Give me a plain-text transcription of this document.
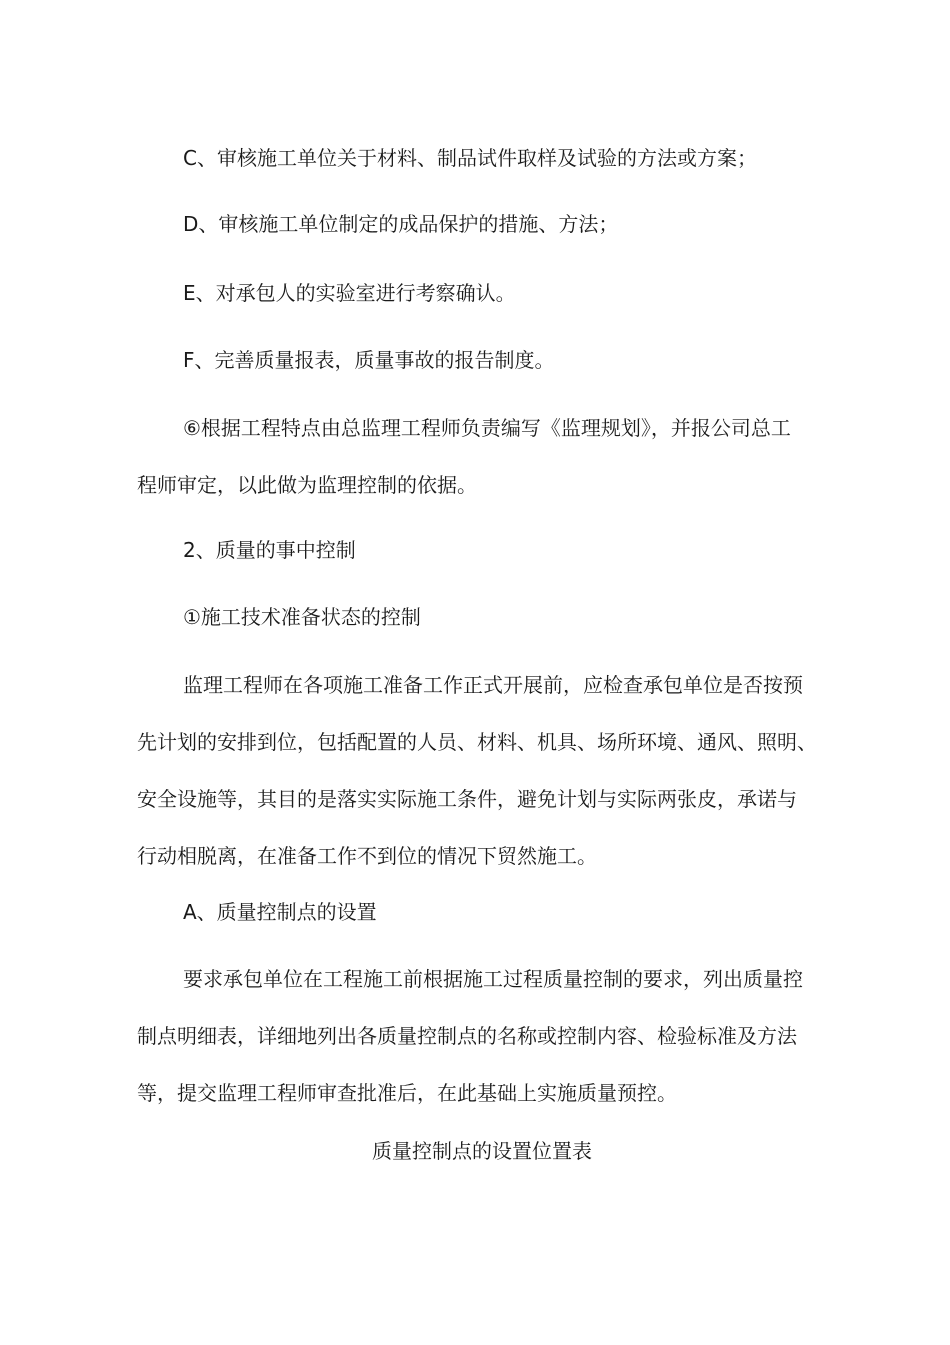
C、审核施工单位关于材料、制品试件取样及试验的方法或方案；

D、审核施工单位制定的成品保护的措施、方法；

E、对承包人的实验室进行考察确认。

F、完善质量报表，质量事故的报告制度。

⑥根据工程特点由总监理工程师负责编写《监理规划》，并报公司总工
程师审定，以此做为监理控制的依据。

2、质量的事中控制

①施工技术准备状态的控制

监理工程师在各项施工准备工作正式开展前，应检查承包单位是否按预
先计划的安排到位，包括配置的人员、材料、机具、场所环境、通风、照明、
安全设施等，其目的是落实实际施工条件，避免计划与实际两张皮，承诺与
行动相脱离，在准备工作不到位的情况下贸然施工。

A、质量控制点的设置

要求承包单位在工程施工前根据施工过程质量控制的要求，列出质量控
制点明细表，详细地列出各质量控制点的名称或控制内容、检验标准及方法
等，提交监理工程师审查批准后，在此基础上实施质量预控。

质量控制点的设置位置表
